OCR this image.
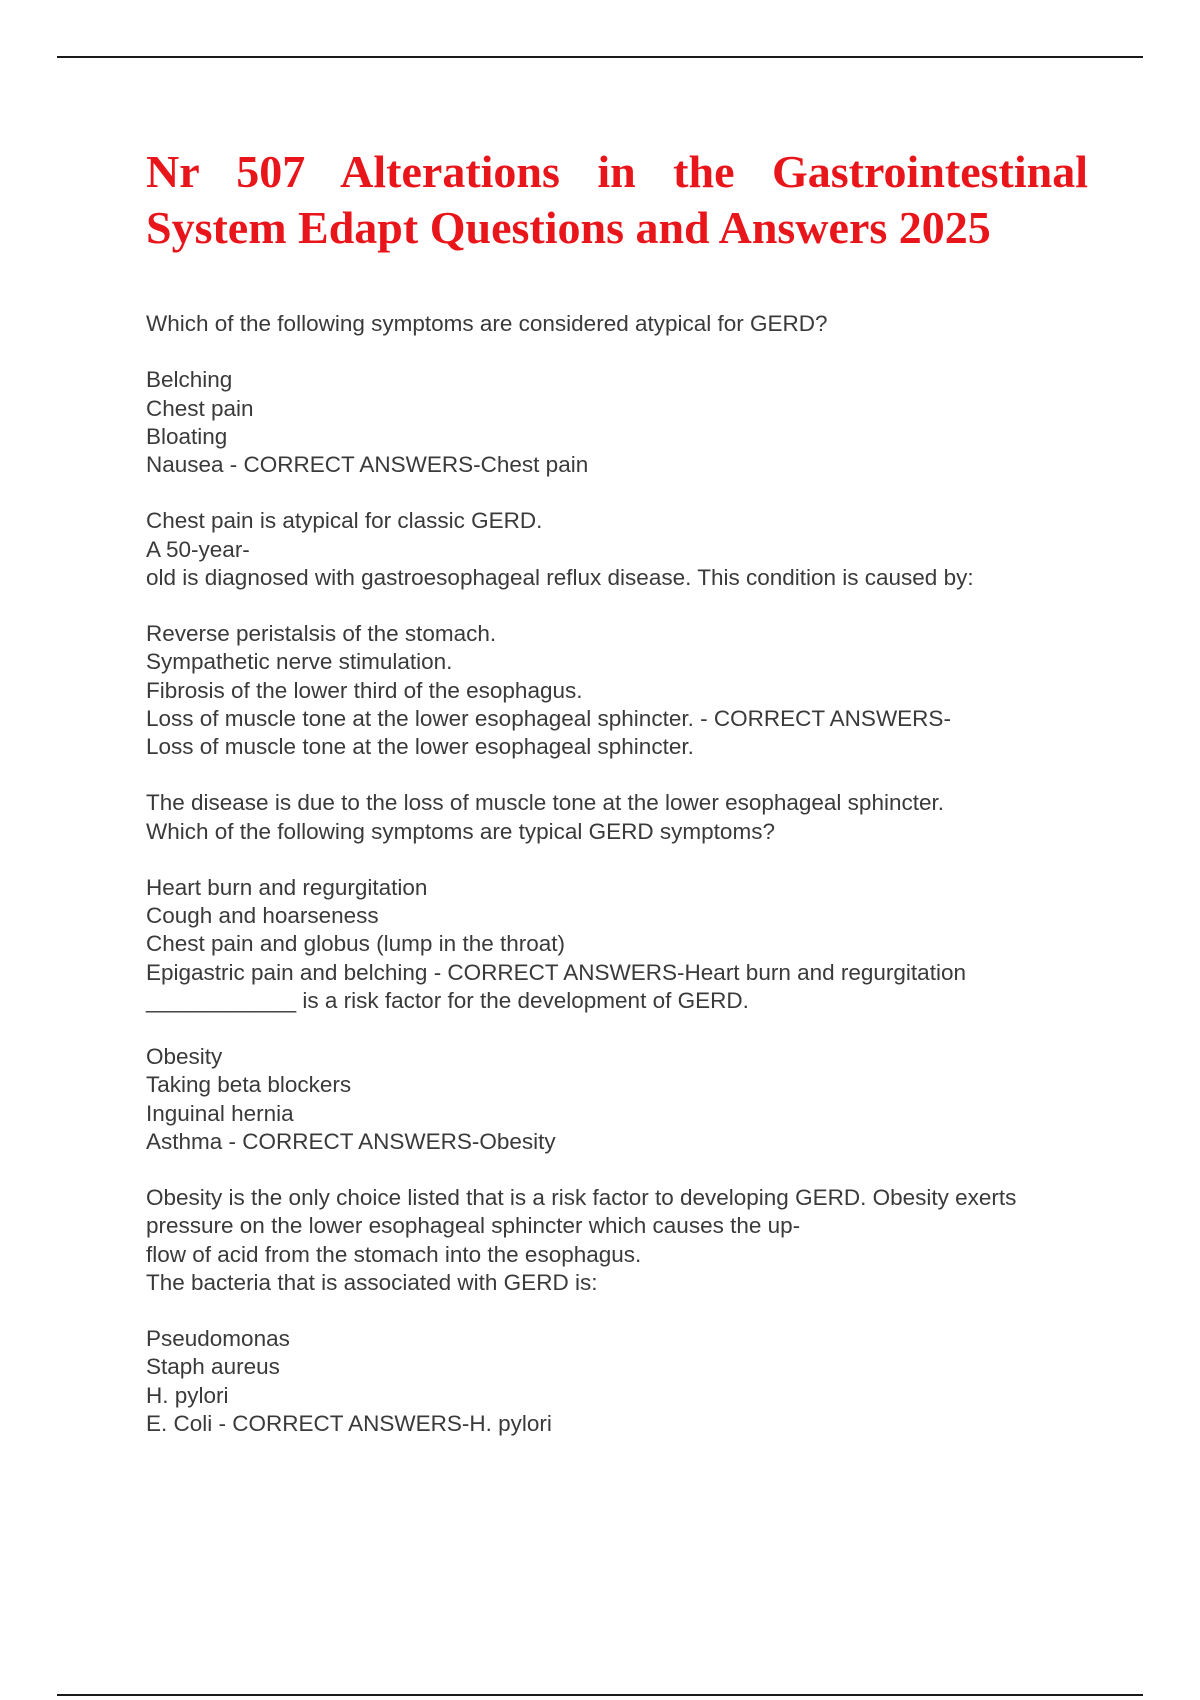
Nr 507 Alterations in the Gastrointestinal
System Edapt Questions and Answers 2025
Which of the following symptoms are considered atypical for GERD?
Belching
Chest pain
Bloating
Nausea - CORRECT ANSWERS-Chest pain
Chest pain is atypical for classic GERD.
A 50-year-
old is diagnosed with gastroesophageal reflux disease. This condition is caused by:
Reverse peristalsis of the stomach.
Sympathetic nerve stimulation.
Fibrosis of the lower third of the esophagus.
Loss of muscle tone at the lower esophageal sphincter. - CORRECT ANSWERS-
Loss of muscle tone at the lower esophageal sphincter.
The disease is due to the loss of muscle tone at the lower esophageal sphincter.
Which of the following symptoms are typical GERD symptoms?
Heart burn and regurgitation
Cough and hoarseness
Chest pain and globus (lump in the throat)
Epigastric pain and belching - CORRECT ANSWERS-Heart burn and regurgitation
____________ is a risk factor for the development of GERD.
Obesity
Taking beta blockers
Inguinal hernia
Asthma - CORRECT ANSWERS-Obesity
Obesity is the only choice listed that is a risk factor to developing GERD. Obesity exerts
pressure on the lower esophageal sphincter which causes the up-
flow of acid from the stomach into the esophagus.
The bacteria that is associated with GERD is:
Pseudomonas
Staph aureus
H. pylori
E. Coli - CORRECT ANSWERS-H. pylori
